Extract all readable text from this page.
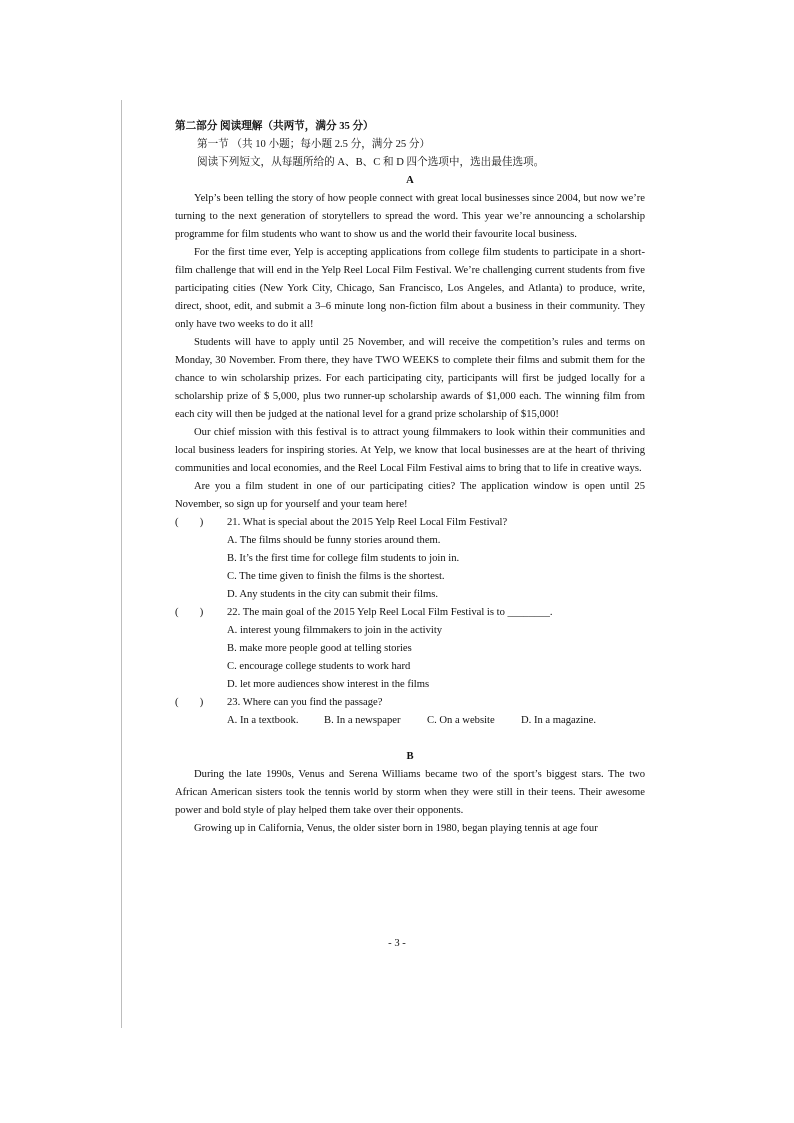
第二部分 阅读理解（共两节，满分 35 分）
第一节 （共 10 小题；每小题 2.5 分，满分 25 分）
阅读下列短文，从每题所给的 A、B、C 和 D 四个选项中，选出最佳选项。
A
Yelp’s been telling the story of how people connect with great local businesses since 2004, but now we’re turning to the next generation of storytellers to spread the word. This year we’re announcing a scholarship programme for film students who want to show us and the world their favourite local business.
For the first time ever, Yelp is accepting applications from college film students to participate in a short-film challenge that will end in the Yelp Reel Local Film Festival. We’re challenging current students from five participating cities (New York City, Chicago, San Francisco, Los Angeles, and Atlanta) to produce, write, direct, shoot, edit, and submit a 3–6 minute long non-fiction film about a business in their community. They only have two weeks to do it all!
Students will have to apply until 25 November, and will receive the competition’s rules and terms on Monday, 30 November. From there, they have TWO WEEKS to complete their films and submit them for the chance to win scholarship prizes. For each participating city, participants will first be judged locally for a scholarship prize of $ 5,000, plus two runner-up scholarship awards of $1,000 each. The winning film from each city will then be judged at the national level for a grand prize scholarship of $15,000!
Our chief mission with this festival is to attract young filmmakers to look within their communities and local business leaders for inspiring stories. At Yelp, we know that local businesses are at the heart of thriving communities and local economies, and the Reel Local Film Festival aims to bring that to life in creative ways.
Are you a film student in one of our participating cities? The application window is open until 25 November, so sign up for yourself and your team here!
(　　) 21. What is special about the 2015 Yelp Reel Local Film Festival?
A. The films should be funny stories around them.
B. It’s the first time for college film students to join in.
C. The time given to finish the films is the shortest.
D. Any students in the city can submit their films.
(　　) 22. The main goal of the 2015 Yelp Reel Local Film Festival is to ________.
A. interest young filmmakers to join in the activity
B. make more people good at telling stories
C. encourage college students to work hard
D. let more audiences show interest in the films
(　　) 23. Where can you find the passage?
A. In a textbook. B. In a newspaper	C. On a website D. In a magazine.
B
During the late 1990s, Venus and Serena Williams became two of the sport’s biggest stars. The two African American sisters took the tennis world by storm when they were still in their teens. Their awesome power and bold style of play helped them take over their opponents.
Growing up in California, Venus, the older sister born in 1980, began playing tennis at age four
- 3 -
